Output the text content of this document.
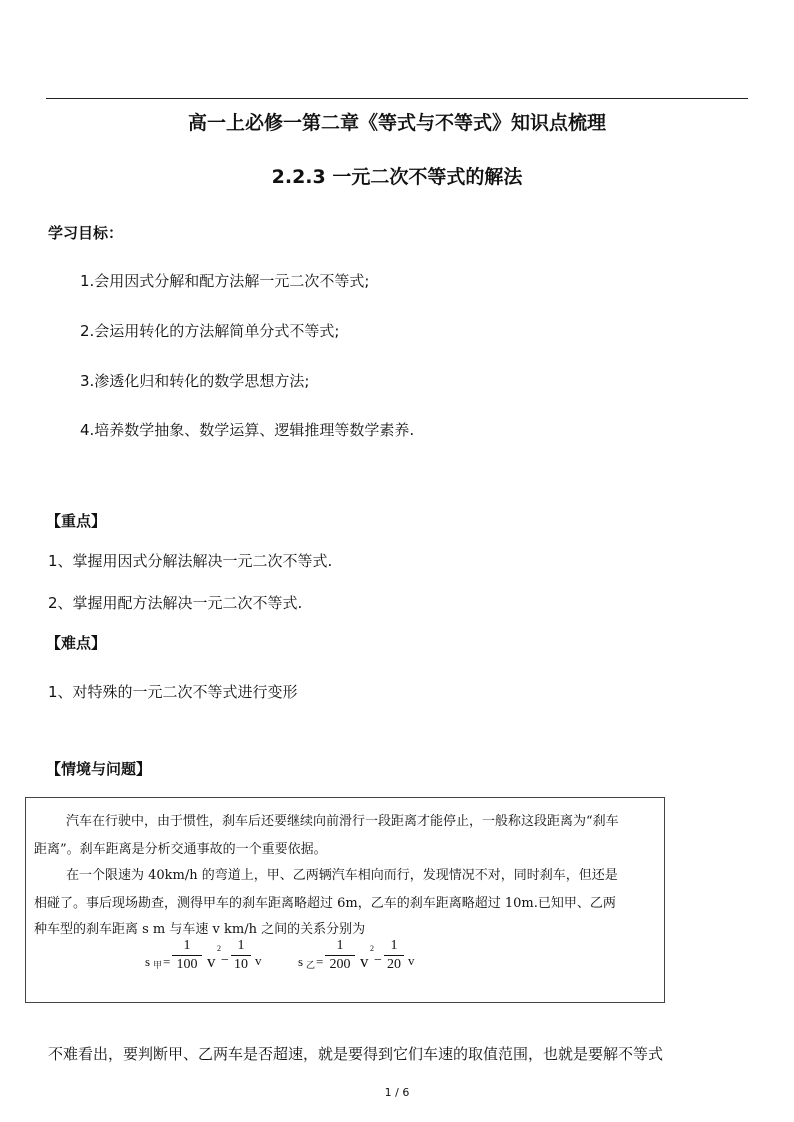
高一上必修一第二章《等式与不等式》知识点梳理
2.2.3 一元二次不等式的解法
学习目标：
1.会用因式分解和配方法解一元二次不等式;
2.会运用转化的方法解简单分式不等式;
3.渗透化归和转化的数学思想方法;
4.培养数学抽象、数学运算、逻辑推理等数学素养.
【重点】
1、掌握用因式分解法解决一元二次不等式.
2、掌握用配方法解决一元二次不等式.
【难点】
1、对特殊的一元二次不等式进行变形
【情境与问题】
汽车在行驶中，由于惯性，刹车后还要继续向前滑行一段距离才能停止，一般称这段距离为“刹车
距离”。刹车距离是分析交通事故的一个重要依据。
在一个限速为 40km/h 的弯道上，甲、乙两辆汽车相向而行，发现情况不对，同时刹车，但还是
相碰了。事后现场勘查，测得甲车的刹车距离略超过 6m，乙车的刹车距离略超过 10m.已知甲、乙两
种车型的刹车距离 s m 与车速 v km/h 之间的关系分别为
s 甲 =
1
100 v
2
−
1
10 v	s 乙 =
1
200 v
2
−
1
20 v
不难看出，要判断甲、乙两车是否超速，就是要得到它们车速的取值范围，也就是要解不等式
1 / 6
